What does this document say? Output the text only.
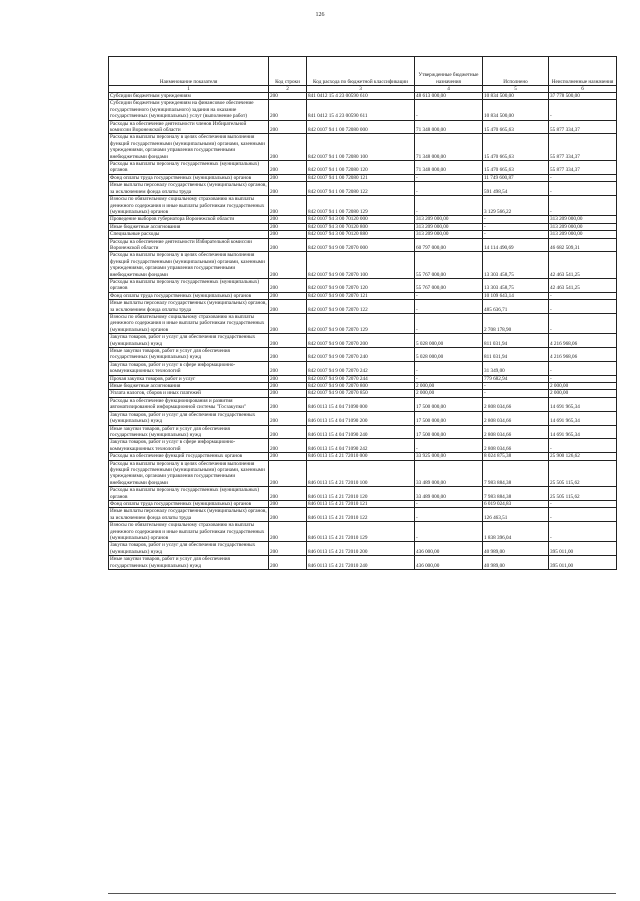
126
Наименование показателя	Код строки	Код расхода по бюджетной классификации	Утвержденные бюджетные назначения	Исполнено	Неисполненные назначения
1	2	3	4	5	6
Субсидии бюджетным учреждениям	200	841 0412 15 4 23 00590 610	48 613 000,00	10 834 500,00	37 778 500,00
Субсидии бюджетным учреждениям на финансовое обеспечение государственного (муниципального) задания на оказание государственных (муниципальных) услуг (выполнение работ)	200	841 0412 15 4 23 00590 611	-	10 834 500,00	-
Расходы на обеспечение деятельности членов Избирательной комиссии Воронежской области	200	842 0107 94 1 00 72080 000	71 348 000,00	15 470 665,63	55 877 334,37
Расходы на выплаты персоналу в целях обеспечения выполнения функций государственными (муниципальными) органами, казенными учреждениями, органами управления государственными внебюджетными фондами	200	842 0107 94 1 00 72080 100	71 348 000,00	15 470 665,63	55 877 334,37
Расходы на выплаты персоналу государственных (муниципальных) органов	200	842 0107 94 1 00 72080 120	71 348 000,00	15 470 665,63	55 877 334,37
Фонд оплаты труда государственных (муниципальных) органов	200	842 0107 94 1 00 72080 121	-	11 749 600,87	-
Иные выплаты персоналу государственных (муниципальных) органов, за исключением фонда оплаты труда	200	842 0107 94 1 00 72080 122	-	591 498,54	-
Взносы по обязательному социальному страхованию на выплаты денежного содержания и иные выплаты работникам государственных (муниципальных) органов	200	842 0107 94 1 00 72080 129	-	3 129 566,22	-
Проведение выборов губернатора Воронежской области	200	842 0107 94 3 00 70120 000	313 209 000,00	-	313 209 000,00
Иные бюджетные ассигнования	200	842 0107 94 3 00 70120 800	313 209 000,00	-	313 209 000,00
Специальные расходы	200	842 0107 94 3 00 70120 880	313 209 000,00	-	313 209 000,00
Расходы на обеспечение деятельности Избирательной комиссии Воронежской области	200	842 0107 94 9 00 72070 000	60 797 000,00	14 114 490,69	46 682 509,31
Расходы на выплаты персоналу в целях обеспечения выполнения функций государственными (муниципальными) органами, казенными учреждениями, органами управления государственными внебюджетными фондами	200	842 0107 94 9 00 72070 100	55 767 000,00	13 303 458,75	42 463 541,25
Расходы на выплаты персоналу государственных (муниципальных) органов	200	842 0107 94 9 00 72070 120	55 767 000,00	13 303 458,75	42 463 541,25
Фонд оплаты труда государственных (муниципальных) органов	200	842 0107 94 9 00 72070 121	-	10 109 643,14	-
Иные выплаты персоналу государственных (муниципальных) органов, за исключением фонда оплаты труда	200	842 0107 94 9 00 72070 122	-	485 636,71	-
Взносы по обязательному социальному страхованию на выплаты денежного содержания и иные выплаты работникам государственных (муниципальных) органов	200	842 0107 94 9 00 72070 129	-	2 708 178,90	-
Закупка товаров, работ и услуг для обеспечения государственных (муниципальных) нужд	200	842 0107 94 9 00 72070 200	5 028 000,00	811 031,94	4 216 968,06
Иные закупки товаров, работ и услуг для обеспечения государственных (муниципальных) нужд	200	842 0107 94 9 00 72070 240	5 028 000,00	811 031,94	4 216 968,06
Закупка товаров, работ и услуг в сфере информационно-коммуникационных технологий	200	842 0107 94 9 00 72070 242	-	31 349,00	-
Прочая закупка товаров, работ и услуг	200	842 0107 94 9 00 72070 244	-	779 682,94	-
Иные бюджетные ассигнования	200	842 0107 94 9 00 72070 800	2 000,00	-	2 000,00
Уплата налогов, сборов и иных платежей	200	842 0107 94 9 00 72070 850	2 000,00	-	2 000,00
Расходы на обеспечение функционирования и развития автоматизированной информационной системы "Госзакупки"	200	846 0113 15 4 04 71090 000	17 500 000,00	2 808 034,66	14 691 965,34
Закупка товаров, работ и услуг для обеспечения государственных (муниципальных) нужд	200	846 0113 15 4 04 71090 200	17 500 000,00	2 808 034,66	14 691 965,34
Иные закупки товаров, работ и услуг для обеспечения государственных (муниципальных) нужд	200	846 0113 15 4 04 71090 240	17 500 000,00	2 808 034,66	14 691 965,34
Закупка товаров, работ и услуг в сфере информационно-коммуникационных технологий	200	846 0113 15 4 04 71090 242	-	2 808 034,66	-
Расходы на обеспечение функций государственных органов	200	846 0113 15 4 21 72010 000	33 925 000,00	8 024 875,38	25 900 126,62
Расходы на выплаты персоналу в целях обеспечения выполнения функций государственными (муниципальными) органами, казенными учреждениями, органами управления государственными внебюджетными фондами	200	846 0113 15 4 21 72010 100	33 489 000,00	7 983 884,38	25 505 115,62
Расходы на выплаты персоналу государственных (муниципальных) органов	200	846 0113 15 4 21 72010 120	33 489 000,00	7 983 884,38	25 505 115,62
Фонд оплаты труда государственных (муниципальных) органов	200	846 0113 15 4 21 72010 121	-	6 019 024,83	-
Иные выплаты персоналу государственных (муниципальных) органов, за исключением фонда оплаты труда	200	846 0113 15 4 21 72010 122	-	126 463,51	-
Взносы по обязательному социальному страхованию на выплаты денежного содержания и иные выплаты работникам государственных (муниципальных) органов	200	846 0113 15 4 21 72010 129	-	1 838 396,04	-
Закупка товаров, работ и услуг для обеспечения государственных (муниципальных) нужд	200	846 0113 15 4 21 72010 200	436 000,00	40 989,00	395 011,00
Иные закупки товаров, работ и услуг для обеспечения государственных (муниципальных) нужд	200	846 0113 15 4 21 72010 240	436 000,00	40 989,00	395 011,00
